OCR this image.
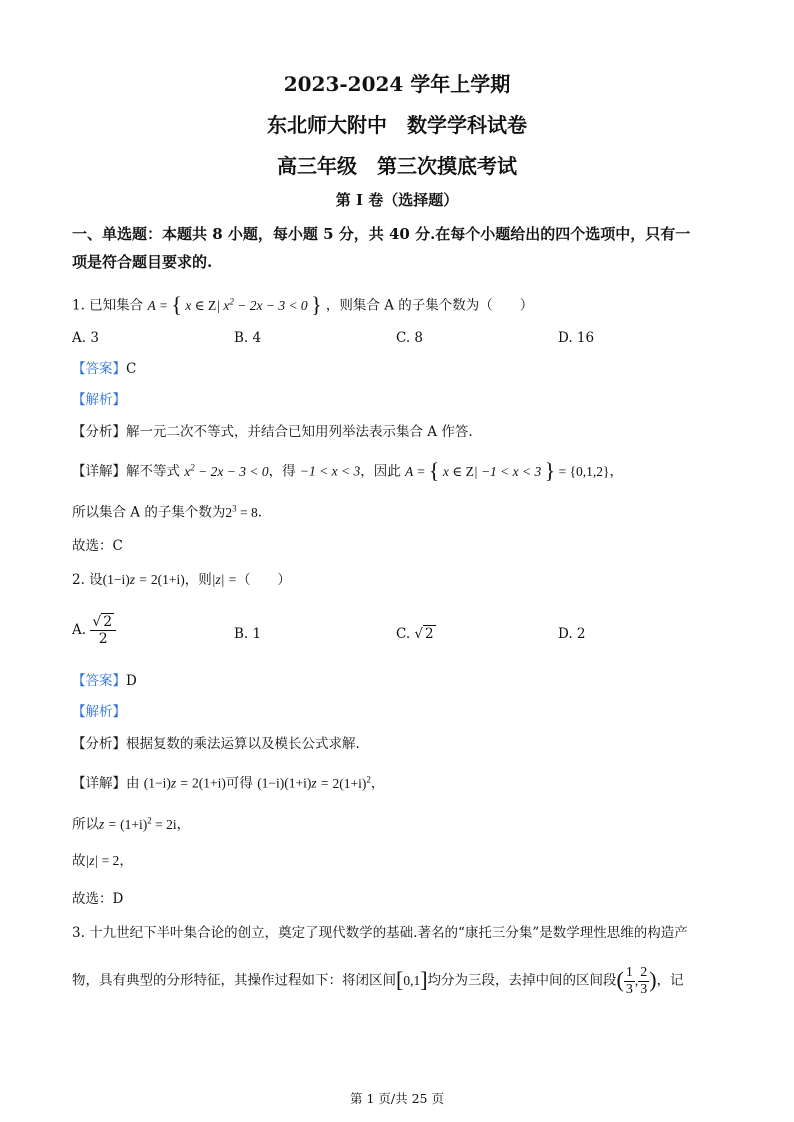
2023-2024 学年上学期
东北师大附中　数学学科试卷
高三年级　第三次摸底考试
第 I 卷（选择题）
一、单选题：本题共 8 小题，每小题 5 分，共 40 分.在每个小题给出的四个选项中，只有一
项是符合题目要求的.
1. 已知集合 A = { x ∈ Z| $x^2 - 2x - 3 < 0$ } ，则集合 A 的子集个数为（　　）
A. 3	B. 4	C. 8	D. 16
【答案】C
【解析】
【分析】解一元二次不等式，并结合已知用列举法表示集合 A 作答.
【详解】解不等式 $x^2 - 2x - 3 < 0$，得 −1 < x < 3，因此 A = { x ∈ Z| −1 < x < 3 } = {0,1,2}，
所以集合 A 的子集个数为$2^3 = 8$.
故选：C
2. 设(1−i)z = 2(1+i)，则|z| =（　　）
A. $\frac{√ 2}{2}$	B. 1	C. √ 2	D. 2
【答案】D
【解析】
【分析】根据复数的乘法运算以及模长公式求解.
【详解】由 (1−i)z = 2(1+i)可得 $(1-i)(1+i)z = 2(1+i)^2$，
所以$z = (1+i)^2 = 2i$，
故|z| = 2，
故选：D
3. 十九世纪下半叶集合论的创立，奠定了现代数学的基础.著名的“康托三分集”是数学理性思维的构造产
物，具有典型的分形特征，其操作过程如下：将闭区间[0,1]均分为三段，去掉中间的区间段( $\frac{1}{3}$ , $\frac{2}{3}$ )，记
第 1 页/共 25 页
